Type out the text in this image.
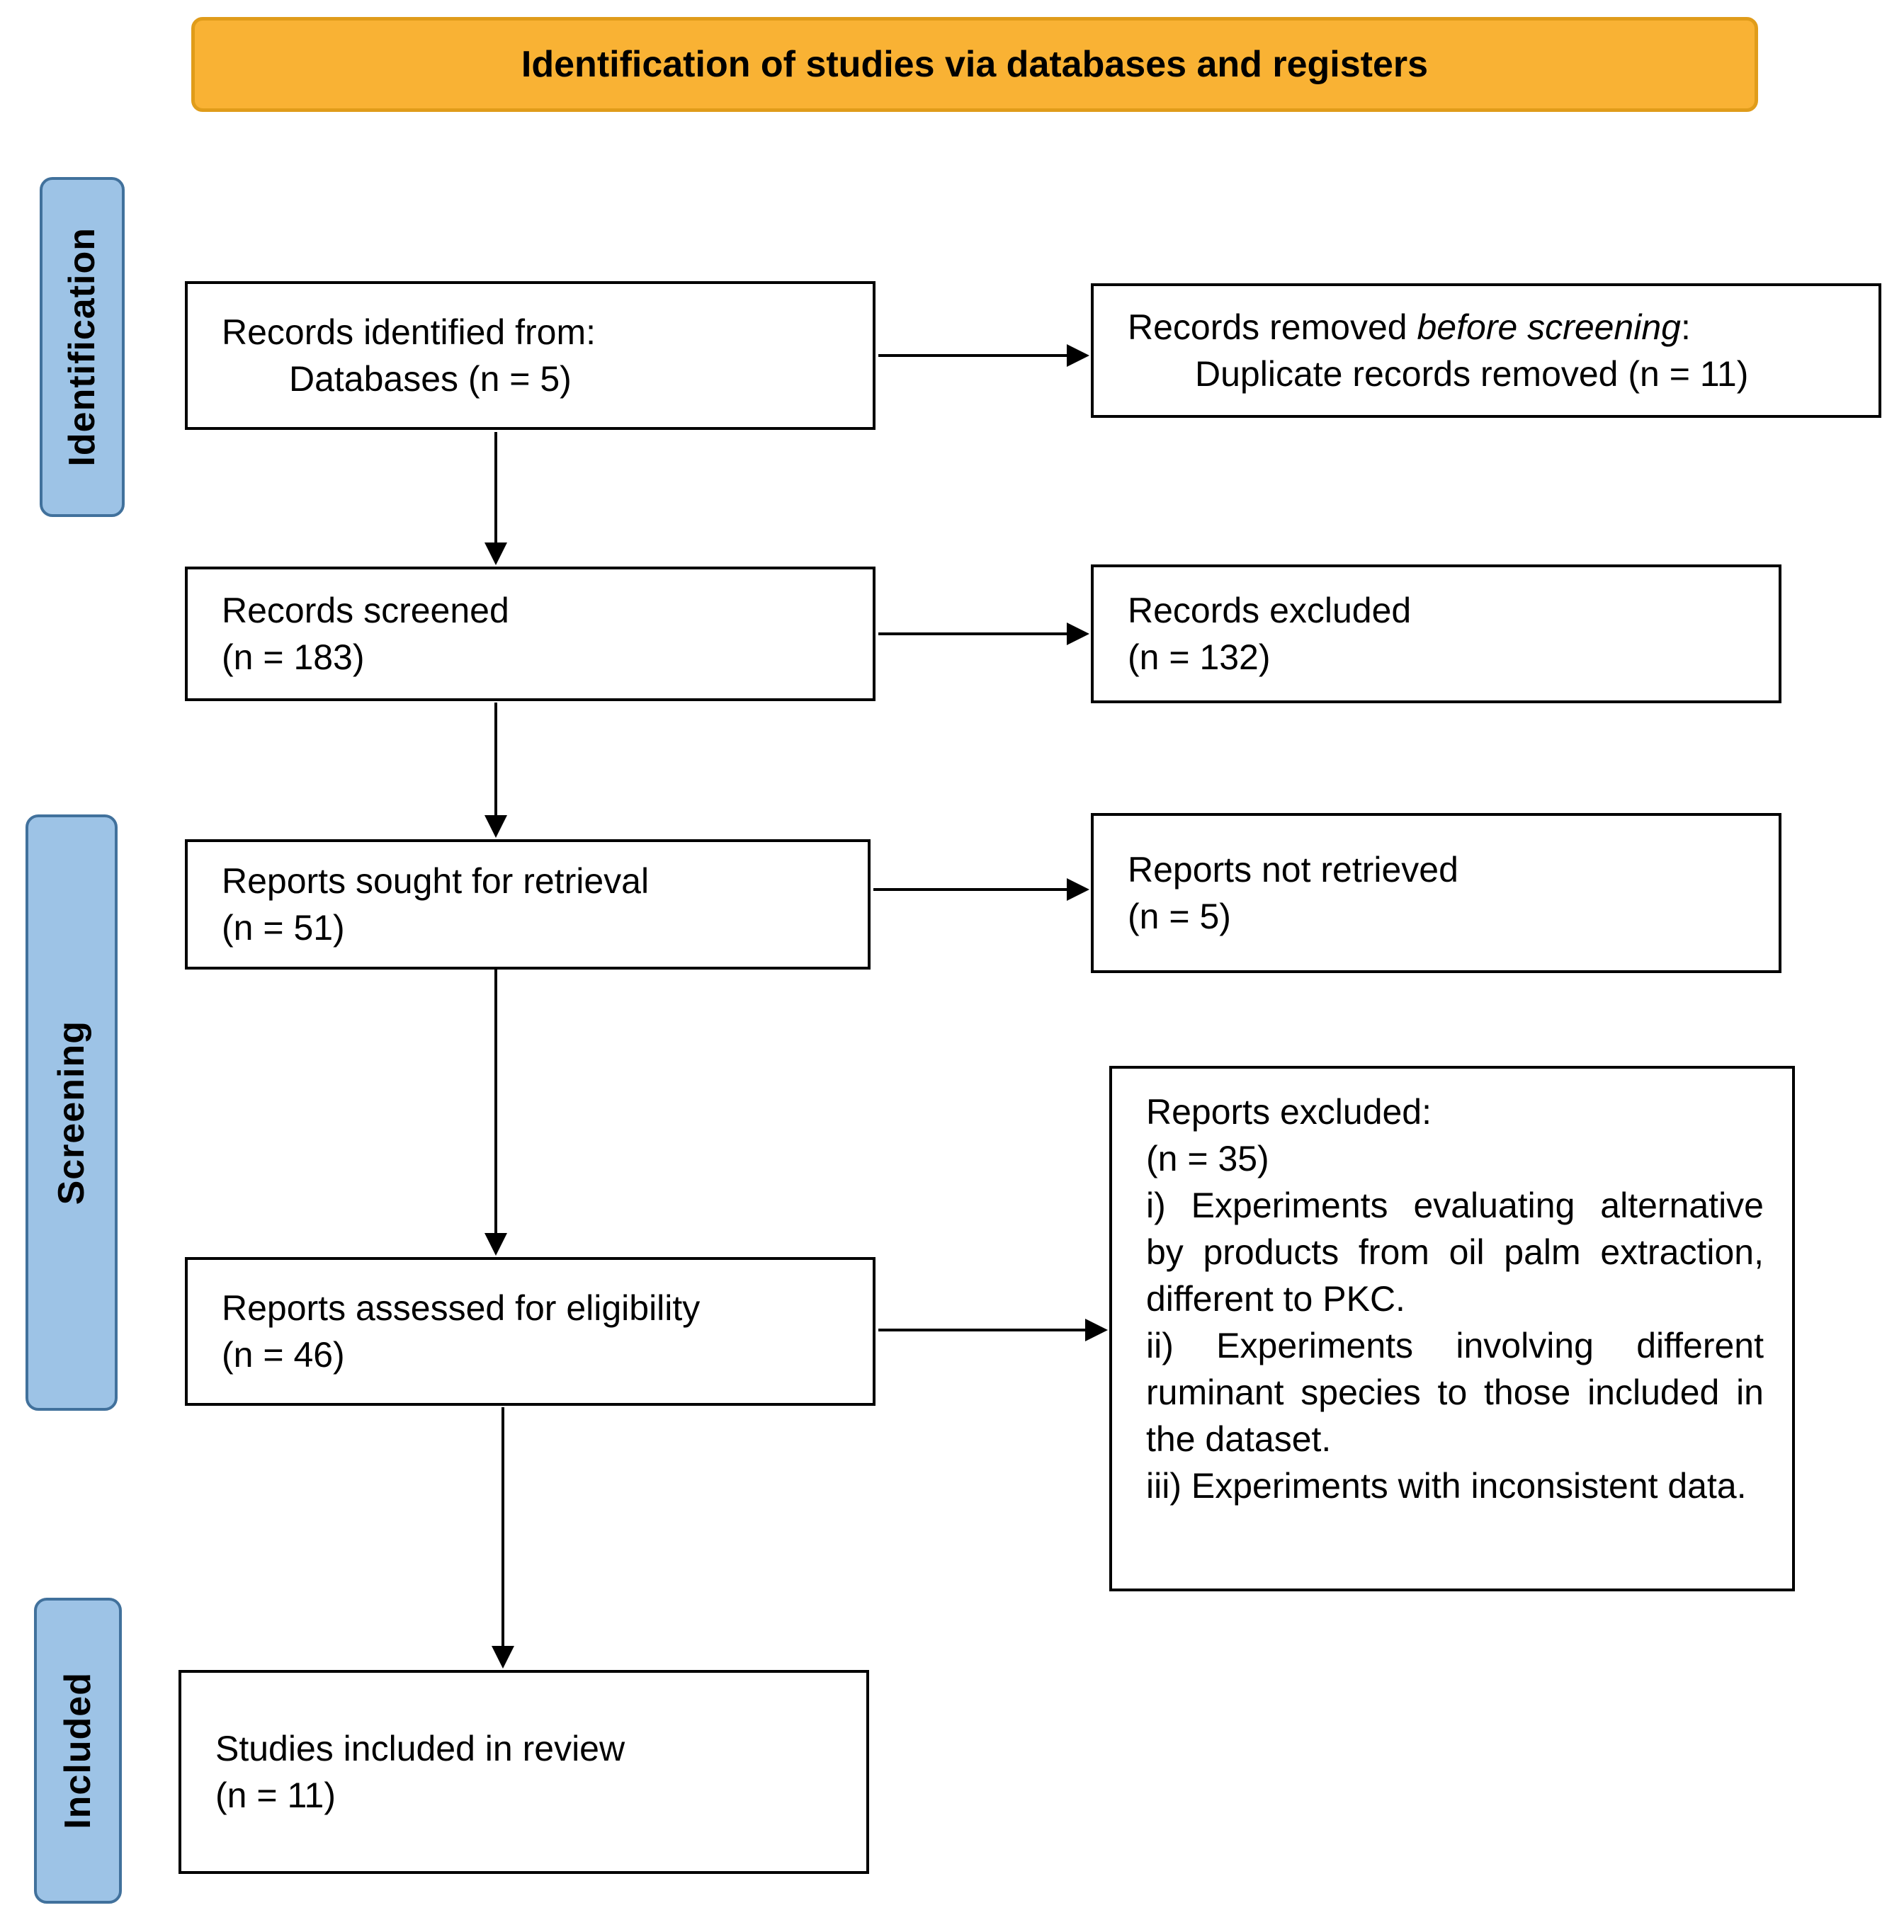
Identification of studies via databases and registers
Identification
Screening
Included

Records identified from:

Databases (n = 5)

Records removed before screening:

Duplicate records removed (n = 11)

Records screened

(n = 183)

Records excluded

(n = 132)

Reports sought for retrieval

(n = 51)

Reports not retrieved

(n = 5)

Reports assessed for eligibility

(n = 46)

Reports excluded:

(n = 35)

i) Experiments evaluating alternative by products from oil palm extraction, different to PKC.

ii) Experiments involving different ruminant species to those included in the dataset.

iii) Experiments with inconsistent data.

Studies included in review

(n = 11)
